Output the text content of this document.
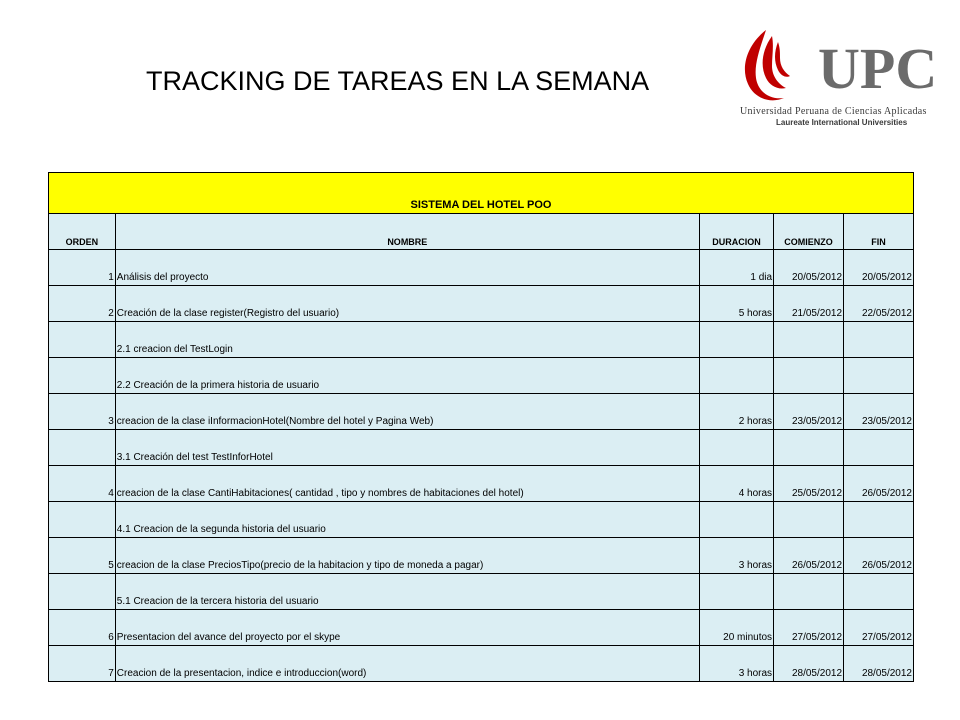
TRACKING DE TAREAS EN LA SEMANA	UPC
Universidad Peruana de Ciencias Aplicadas
Laureate International Universities
SISTEMA DEL HOTEL POO				
ORDEN	NOMBRE	DURACION	COMIENZO	FIN
1	Análisis del proyecto	1 dia	20/05/2012	20/05/2012
2	Creación de la clase register(Registro del usuario)	5 horas	21/05/2012	22/05/2012
	2.1 creacion del TestLogin			
	2.2 Creación de la primera historia de usuario			
3	creacion de la clase iInformacionHotel(Nombre del hotel y Pagina Web)	2 horas	23/05/2012	23/05/2012
	3.1 Creación del test TestInforHotel			
4	creacion de la clase CantiHabitaciones( cantidad , tipo y nombres de habitaciones del hotel)	4 horas	25/05/2012	26/05/2012
	4.1 Creacion de la segunda historia del usuario			
5	creacion de la clase PreciosTipo(precio de la habitacion y tipo de moneda a pagar)	3 horas	26/05/2012	26/05/2012
	5.1 Creacion de la tercera historia del usuario			
6	Presentacion del avance del proyecto por el skype	20 minutos	27/05/2012	27/05/2012
7	Creacion de la presentacion, indice e introduccion(word)	3 horas	28/05/2012	28/05/2012
